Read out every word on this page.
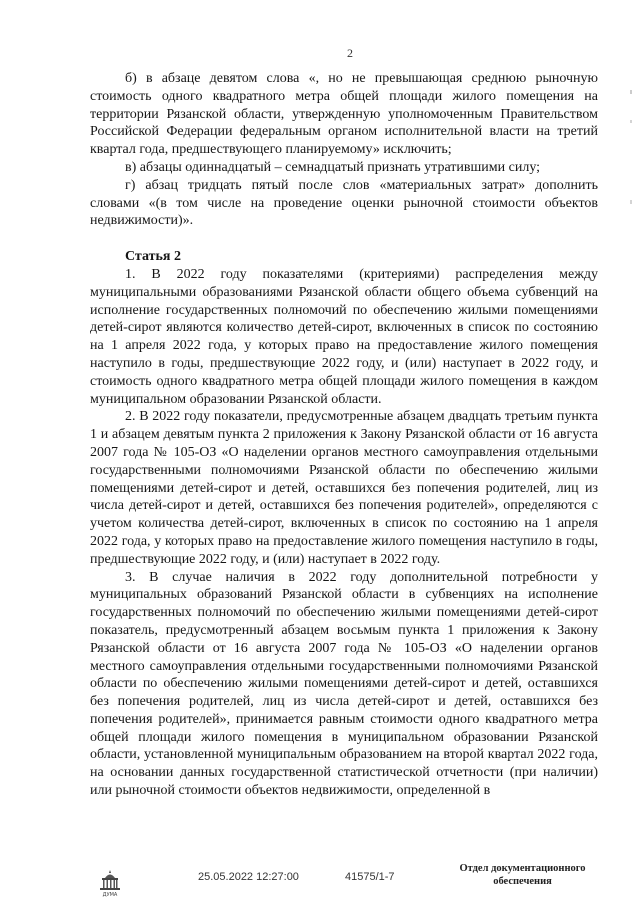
2

б) в абзаце девятом слова «, но не превышающая среднюю рыночную стоимость одного квадратного метра общей площади жилого помещения на территории Рязанской области, утвержденную уполномоченным Правительством Российской Федерации федеральным органом исполнительной власти на третий квартал года, предшествующего планируемому» исключить;

в) абзацы одиннадцатый – семнадцатый признать утратившими силу;

г) абзац тридцать пятый после слов «материальных затрат» дополнить словами «(в том числе на проведение оценки рыночной стоимости объектов недвижимости)».

Статья 2

1. В 2022 году показателями (критериями) распределения между муниципальными образованиями Рязанской области общего объема субвенций на исполнение государственных полномочий по обеспечению жилыми помещениями детей-сирот являются количество детей-сирот, включенных в список по состоянию на 1 апреля 2022 года, у которых право на предоставление жилого помещения наступило в годы, предшествующие 2022 году, и (или) наступает в 2022 году, и стоимость одного квадратного метра общей площади жилого помещения в каждом муниципальном образовании Рязанской области.

2. В 2022 году показатели, предусмотренные абзацем двадцать третьим пункта 1 и абзацем девятым пункта 2 приложения к Закону Рязанской области от 16 августа 2007 года № 105-ОЗ «О наделении органов местного самоуправления отдельными государственными полномочиями Рязанской области по обеспечению жилыми помещениями детей-сирот и детей, оставшихся без попечения родителей, лиц из числа детей-сирот и детей, оставшихся без попечения родителей», определяются с учетом количества детей-сирот, включенных в список по состоянию на 1 апреля 2022 года, у которых право на предоставление жилого помещения наступило в годы, предшествующие 2022 году, и (или) наступает в 2022 году.

3. В случае наличия в 2022 году дополнительной потребности у муниципальных образований Рязанской области в субвенциях на исполнение государственных полномочий по обеспечению жилыми помещениями детей-сирот показатель, предусмотренный абзацем восьмым пункта 1 приложения к Закону Рязанской области от 16 августа 2007 года № 105-ОЗ «О наделении органов местного самоуправления отдельными государственными полномочиями Рязанской области по обеспечению жилыми помещениями детей-сирот и детей, оставшихся без попечения родителей, лиц из числа детей-сирот и детей, оставшихся без попечения родителей», принимается равным стоимости одного квадратного метра общей площади жилого помещения в муниципальном образовании Рязанской области, установленной муниципальным образованием на второй квартал 2022 года, на основании данных государственной статистической отчетности (при наличии) или рыночной стоимости объектов недвижимости, определенной в

ДУМА
25.05.2022 12:27:00	41575/1-7
Отдел документационного
обеспечения
